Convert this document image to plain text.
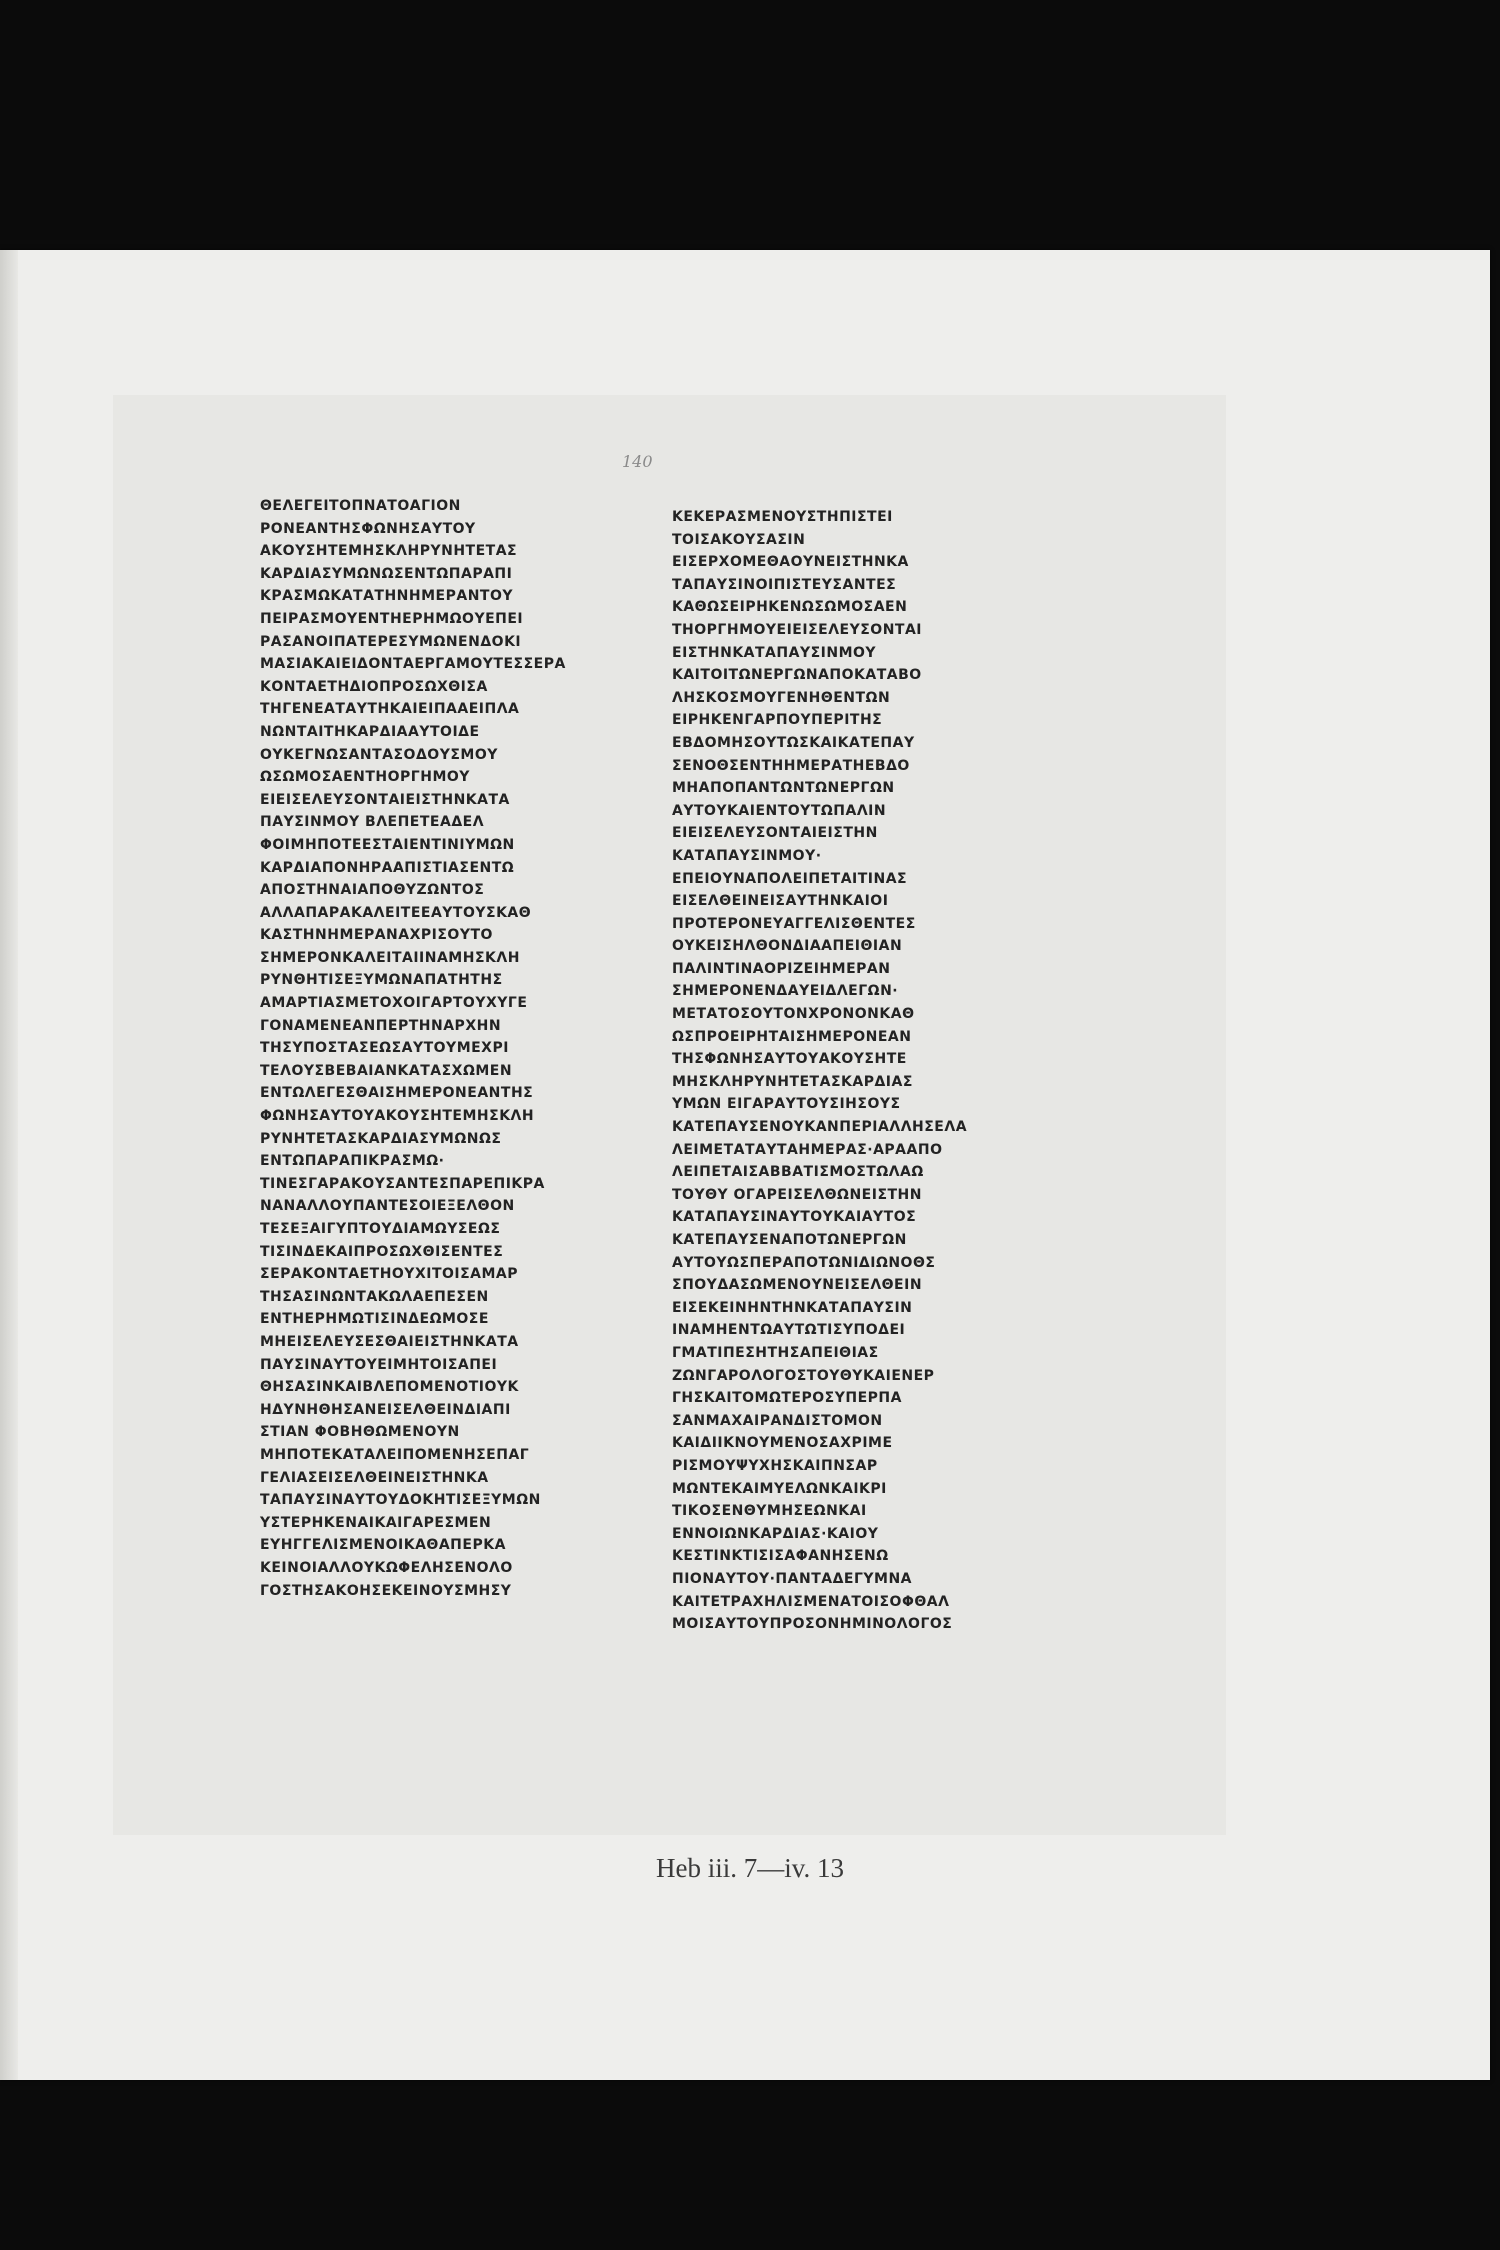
140
ΘΕΛΕΓΕΙΤΟΠΝΑΤΟΑΓΙΟΝ
ΡΟΝΕΑΝΤΗΣΦΩΝΗΣΑΥΤΟΥ
ΑΚΟΥΣΗΤΕΜΗΣΚΛΗΡΥΝΗΤΕΤΑΣ
ΚΑΡΔΙΑΣΥΜΩΝΩΣΕΝΤΩΠΑΡΑΠΙ
ΚΡΑΣΜΩΚΑΤΑΤΗΝΗΜΕΡΑΝΤΟΥ
ΠΕΙΡΑΣΜΟΥΕΝΤΗΕΡΗΜΩΟΥΕΠΕΙ
ΡΑΣΑΝΟΙΠΑΤΕΡΕΣΥΜΩΝΕΝΔΟΚΙ
ΜΑΣΙΑΚΑΙΕΙΔΟΝΤΑΕΡΓΑΜΟΥΤΕΣΣΕΡΑ
ΚΟΝΤΑΕΤΗΔΙΟΠΡΟΣΩΧΘΙΣΑ
ΤΗΓΕΝΕΑΤΑΥΤΗΚΑΙΕΙΠΑΑΕΙΠΛΑ
ΝΩΝΤΑΙΤΗΚΑΡΔΙΑΑΥΤΟΙΔΕ
ΟΥΚΕΓΝΩΣΑΝΤΑΣΟΔΟΥΣΜΟΥ
ΩΣΩΜΟΣΑΕΝΤΗΟΡΓΗΜΟΥ
ΕΙΕΙΣΕΛΕΥΣΟΝΤΑΙΕΙΣΤΗΝΚΑΤΑ
ΠΑΥΣΙΝΜΟΥ ΒΛΕΠΕΤΕΑΔΕΛ
ΦΟΙΜΗΠΟΤΕΕΣΤΑΙΕΝΤΙΝΙΥΜΩΝ
ΚΑΡΔΙΑΠΟΝΗΡΑΑΠΙΣΤΙΑΣΕΝΤΩ
ΑΠΟΣΤΗΝΑΙΑΠΟΘΥΖΩΝΤΟΣ
ΑΛΛΑΠΑΡΑΚΑΛΕΙΤΕΕΑΥΤΟΥΣΚΑΘ
ΚΑΣΤΗΝΗΜΕΡΑΝΑΧΡΙΣΟΥΤΟ
ΣΗΜΕΡΟΝΚΑΛΕΙΤΑΙΙΝΑΜΗΣΚΛΗ
ΡΥΝΘΗΤΙΣΕΞΥΜΩΝΑΠΑΤΗΤΗΣ
ΑΜΑΡΤΙΑΣΜΕΤΟΧΟΙΓΑΡΤΟΥΧΥΓΕ
ΓΟΝΑΜΕΝΕΑΝΠΕΡΤΗΝΑΡΧΗΝ
ΤΗΣΥΠΟΣΤΑΣΕΩΣΑΥΤΟΥΜΕΧΡΙ
ΤΕΛΟΥΣΒΕΒΑΙΑΝΚΑΤΑΣΧΩΜΕΝ
ΕΝΤΩΛΕΓΕΣΘΑΙΣΗΜΕΡΟΝΕΑΝΤΗΣ
ΦΩΝΗΣΑΥΤΟΥΑΚΟΥΣΗΤΕΜΗΣΚΛΗ
ΡΥΝΗΤΕΤΑΣΚΑΡΔΙΑΣΥΜΩΝΩΣ
ΕΝΤΩΠΑΡΑΠΙΚΡΑΣΜΩ·
ΤΙΝΕΣΓΑΡΑΚΟΥΣΑΝΤΕΣΠΑΡΕΠΙΚΡΑ
ΝΑΝΑΛΛΟΥΠΑΝΤΕΣΟΙΕΞΕΛΘΟΝ
ΤΕΣΕΞΑΙΓΥΠΤΟΥΔΙΑΜΩΥΣΕΩΣ
ΤΙΣΙΝΔΕΚΑΙΠΡΟΣΩΧΘΙΣΕΝΤΕΣ
ΣΕΡΑΚΟΝΤΑΕΤΗΟΥΧΙΤΟΙΣΑΜΑΡ
ΤΗΣΑΣΙΝΩΝΤΑΚΩΛΑΕΠΕΣΕΝ
ΕΝΤΗΕΡΗΜΩΤΙΣΙΝΔΕΩΜΟΣΕ
ΜΗΕΙΣΕΛΕΥΣΕΣΘΑΙΕΙΣΤΗΝΚΑΤΑ
ΠΑΥΣΙΝΑΥΤΟΥΕΙΜΗΤΟΙΣΑΠΕΙ
ΘΗΣΑΣΙΝΚΑΙΒΛΕΠΟΜΕΝΟΤΙΟΥΚ
ΗΔΥΝΗΘΗΣΑΝΕΙΣΕΛΘΕΙΝΔΙΑΠΙ
ΣΤΙΑΝ ΦΟΒΗΘΩΜΕΝΟΥΝ
ΜΗΠΟΤΕΚΑΤΑΛΕΙΠΟΜΕΝΗΣΕΠΑΓ
ΓΕΛΙΑΣΕΙΣΕΛΘΕΙΝΕΙΣΤΗΝΚΑ
ΤΑΠΑΥΣΙΝΑΥΤΟΥΔΟΚΗΤΙΣΕΞΥΜΩΝ
ΥΣΤΕΡΗΚΕΝΑΙΚΑΙΓΑΡΕΣΜΕΝ
ΕΥΗΓΓΕΛΙΣΜΕΝΟΙΚΑΘΑΠΕΡΚΑ
ΚΕΙΝΟΙΑΛΛΟΥΚΩΦΕΛΗΣΕΝΟΛΟ
ΓΟΣΤΗΣΑΚΟΗΣΕΚΕΙΝΟΥΣΜΗΣΥ
ΚΕΚΕΡΑΣΜΕΝΟΥΣΤΗΠΙΣΤΕΙ
ΤΟΙΣΑΚΟΥΣΑΣΙΝ
ΕΙΣΕΡΧΟΜΕΘΑΟΥΝΕΙΣΤΗΝΚΑ
ΤΑΠΑΥΣΙΝΟΙΠΙΣΤΕΥΣΑΝΤΕΣ
ΚΑΘΩΣΕΙΡΗΚΕΝΩΣΩΜΟΣΑΕΝ
ΤΗΟΡΓΗΜΟΥΕΙΕΙΣΕΛΕΥΣΟΝΤΑΙ
ΕΙΣΤΗΝΚΑΤΑΠΑΥΣΙΝΜΟΥ
ΚΑΙΤΟΙΤΩΝΕΡΓΩΝΑΠΟΚΑΤΑΒΟ
ΛΗΣΚΟΣΜΟΥΓΕΝΗΘΕΝΤΩΝ
ΕΙΡΗΚΕΝΓΑΡΠΟΥΠΕΡΙΤΗΣ
ΕΒΔΟΜΗΣΟΥΤΩΣΚΑΙΚΑΤΕΠΑΥ
ΣΕΝΟΘΣΕΝΤΗΗΜΕΡΑΤΗΕΒΔΟ
ΜΗΑΠΟΠΑΝΤΩΝΤΩΝΕΡΓΩΝ
ΑΥΤΟΥΚΑΙΕΝΤΟΥΤΩΠΑΛΙΝ
ΕΙΕΙΣΕΛΕΥΣΟΝΤΑΙΕΙΣΤΗΝ
ΚΑΤΑΠΑΥΣΙΝΜΟΥ·
ΕΠΕΙΟΥΝΑΠΟΛΕΙΠΕΤΑΙΤΙΝΑΣ
ΕΙΣΕΛΘΕΙΝΕΙΣΑΥΤΗΝΚΑΙΟΙ
ΠΡΟΤΕΡΟΝΕΥΑΓΓΕΛΙΣΘΕΝΤΕΣ
ΟΥΚΕΙΣΗΛΘΟΝΔΙΑΑΠΕΙΘΙΑΝ
ΠΑΛΙΝΤΙΝΑΟΡΙΖΕΙΗΜΕΡΑΝ
ΣΗΜΕΡΟΝΕΝΔΑΥΕΙΔΛΕΓΩΝ·
ΜΕΤΑΤΟΣΟΥΤΟΝΧΡΟΝΟΝΚΑΘ
ΩΣΠΡΟΕΙΡΗΤΑΙΣΗΜΕΡΟΝΕΑΝ
ΤΗΣΦΩΝΗΣΑΥΤΟΥΑΚΟΥΣΗΤΕ
ΜΗΣΚΛΗΡΥΝΗΤΕΤΑΣΚΑΡΔΙΑΣ
ΥΜΩΝ ΕΙΓΑΡΑΥΤΟΥΣΙΗΣΟΥΣ
ΚΑΤΕΠΑΥΣΕΝΟΥΚΑΝΠΕΡΙΑΛΛΗΣΕΛΑ
ΛΕΙΜΕΤΑΤΑΥΤΑΗΜΕΡΑΣ·ΑΡΑΑΠΟ
ΛΕΙΠΕΤΑΙΣΑΒΒΑΤΙΣΜΟΣΤΩΛΑΩ
ΤΟΥΘΥ ΟΓΑΡΕΙΣΕΛΘΩΝΕΙΣΤΗΝ
ΚΑΤΑΠΑΥΣΙΝΑΥΤΟΥΚΑΙΑΥΤΟΣ
ΚΑΤΕΠΑΥΣΕΝΑΠΟΤΩΝΕΡΓΩΝ
ΑΥΤΟΥΩΣΠΕΡΑΠΟΤΩΝΙΔΙΩΝΟΘΣ
ΣΠΟΥΔΑΣΩΜΕΝΟΥΝΕΙΣΕΛΘΕΙΝ
ΕΙΣΕΚΕΙΝΗΝΤΗΝΚΑΤΑΠΑΥΣΙΝ
ΙΝΑΜΗΕΝΤΩΑΥΤΩΤΙΣΥΠΟΔΕΙ
ΓΜΑΤΙΠΕΣΗΤΗΣΑΠΕΙΘΙΑΣ
ΖΩΝΓΑΡΟΛΟΓΟΣΤΟΥΘΥΚΑΙΕΝΕΡ
ΓΗΣΚΑΙΤΟΜΩΤΕΡΟΣΥΠΕΡΠΑ
ΣΑΝΜΑΧΑΙΡΑΝΔΙΣΤΟΜΟΝ
ΚΑΙΔΙΙΚΝΟΥΜΕΝΟΣΑΧΡΙΜΕ
ΡΙΣΜΟΥΨΥΧΗΣΚΑΙΠΝΣΑΡ
ΜΩΝΤΕΚΑΙΜΥΕΛΩΝΚΑΙΚΡΙ
ΤΙΚΟΣΕΝΘΥΜΗΣΕΩΝΚΑΙ
ΕΝΝΟΙΩΝΚΑΡΔΙΑΣ·ΚΑΙΟΥ
ΚΕΣΤΙΝΚΤΙΣΙΣΑΦΑΝΗΣΕΝΩ
ΠΙΟΝΑΥΤΟΥ·ΠΑΝΤΑΔΕΓΥΜΝΑ
ΚΑΙΤΕΤΡΑΧΗΛΙΣΜΕΝΑΤΟΙΣΟΦΘΑΛ
ΜΟΙΣΑΥΤΟΥΠΡΟΣΟΝΗΜΙΝΟΛΟΓΟΣ
Heb iii. 7—iv. 13
